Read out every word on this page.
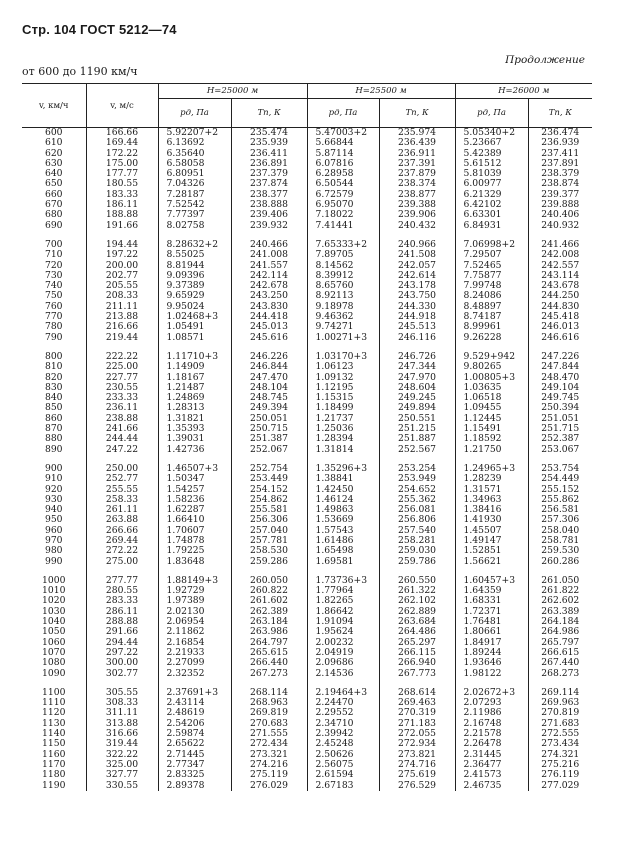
Стр. 104 ГОСТ 5212—74
Продолжение
от 600 до 1190 км/ч
v, км/ч	v, м/с	H=25000 м		H=25500 м		H=26000 м	
		pд, Па	Tп, К	pд, Па	Tп, К	pд, Па	Tп, К
600	166.66	5.92207+2	235.474	5.47003+2	235.974	5.05340+2	236.474
610	169.44	6.13692	235.939	5.66844	236.439	5.23667	236.939
620	172.22	6.35640	236.411	5.87114	236.911	5.42389	237.411
630	175.00	6.58058	236.891	6.07816	237.391	5.61512	237.891
640	177.77	6.80951	237.379	6.28958	237.879	5.81039	238.379
650	180.55	7.04326	237.874	6.50544	238.374	6.00977	238.874
660	183.33	7.28187	238.377	6.72579	238.877	6.21329	239.377
670	186.11	7.52542	238.888	6.95070	239.388	6.42102	239.888
680	188.88	7.77397	239.406	7.18022	239.906	6.63301	240.406
690	191.66	8.02758	239.932	7.41441	240.432	6.84931	240.932

700	194.44	8.28632+2	240.466	7.65333+2	240.966	7.06998+2	241.466
710	197.22	8.55025	241.008	7.89705	241.508	7.29507	242.008
720	200.00	8.81944	241.557	8.14562	242.057	7.52465	242.557
730	202.77	9.09396	242.114	8.39912	242.614	7.75877	243.114
740	205.55	9.37389	242.678	8.65760	243.178	7.99748	243.678
750	208.33	9.65929	243.250	8.92113	243.750	8.24086	244.250
760	211.11	9.95024	243.830	9.18978	244.330	8.48897	244.830
770	213.88	1.02468+3	244.418	9.46362	244.918	8.74187	245.418
780	216.66	1.05491	245.013	9.74271	245.513	8.99961	246.013
790	219.44	1.08571	245.616	1.00271+3	246.116	9.26228	246.616

800	222.22	1.11710+3	246.226	1.03170+3	246.726	9.529+942	247.226
810	225.00	1.14909	246.844	1.06123	247.344	9.80265	247.844
820	227.77	1.18167	247.470	1.09132	247.970	1.00805+3	248.470
830	230.55	1.21487	248.104	1.12195	248.604	1.03635	249.104
840	233.33	1.24869	248.745	1.15315	249.245	1.06518	249.745
850	236.11	1.28313	249.394	1.18499	249.894	1.09455	250.394
860	238.88	1.31821	250.051	1.21737	250.551	1.12445	251.051
870	241.66	1.35393	250.715	1.25036	251.215	1.15491	251.715
880	244.44	1.39031	251.387	1.28394	251.887	1.18592	252.387
890	247.22	1.42736	252.067	1.31814	252.567	1.21750	253.067

900	250.00	1.46507+3	252.754	1.35296+3	253.254	1.24965+3	253.754
910	252.77	1.50347	253.449	1.38841	253.949	1.28239	254.449
920	255.55	1.54257	254.152	1.42450	254.652	1.31571	255.152
930	258.33	1.58236	254.862	1.46124	255.362	1.34963	255.862
940	261.11	1.62287	255.581	1.49863	256.081	1.38416	256.581
950	263.88	1.66410	256.306	1.53669	256.806	1.41930	257.306
960	266.66	1.70607	257.040	1.57543	257.540	1.45507	258.040
970	269.44	1.74878	257.781	1.61486	258.281	1.49147	258.781
980	272.22	1.79225	258.530	1.65498	259.030	1.52851	259.530
990	275.00	1.83648	259.286	1.69581	259.786	1.56621	260.286

1000	277.77	1.88149+3	260.050	1.73736+3	260.550	1.60457+3	261.050
1010	280.55	1.92729	260.822	1.77964	261.322	1.64359	261.822
1020	283.33	1.97389	261.602	1.82265	262.102	1.68331	262.602
1030	286.11	2.02130	262.389	1.86642	262.889	1.72371	263.389
1040	288.88	2.06954	263.184	1.91094	263.684	1.76481	264.184
1050	291.66	2.11862	263.986	1.95624	264.486	1.80661	264.986
1060	294.44	2.16854	264.797	2.00232	265.297	1.84917	265.797
1070	297.22	2.21933	265.615	2.04919	266.115	1.89244	266.615
1080	300.00	2.27099	266.440	2.09686	266.940	1.93646	267.440
1090	302.77	2.32352	267.273	2.14536	267.773	1.98122	268.273

1100	305.55	2.37691+3	268.114	2.19464+3	268.614	2.02672+3	269.114
1110	308.33	2.43114	268.963	2.24470	269.463	2.07293	269.963
1120	311.11	2.48619	269.819	2.29552	270.319	2.11986	270.819
1130	313.88	2.54206	270.683	2.34710	271.183	2.16748	271.683
1140	316.66	2.59874	271.555	2.39942	272.055	2.21578	272.555
1150	319.44	2.65622	272.434	2.45248	272.934	2.26478	273.434
1160	322.22	2.71445	273.321	2.50626	273.821	2.31445	274.321
1170	325.00	2.77347	274.216	2.56075	274.716	2.36477	275.216
1180	327.77	2.83325	275.119	2.61594	275.619	2.41573	276.119
1190	330.55	2.89378	276.029	2.67183	276.529	2.46735	277.029
